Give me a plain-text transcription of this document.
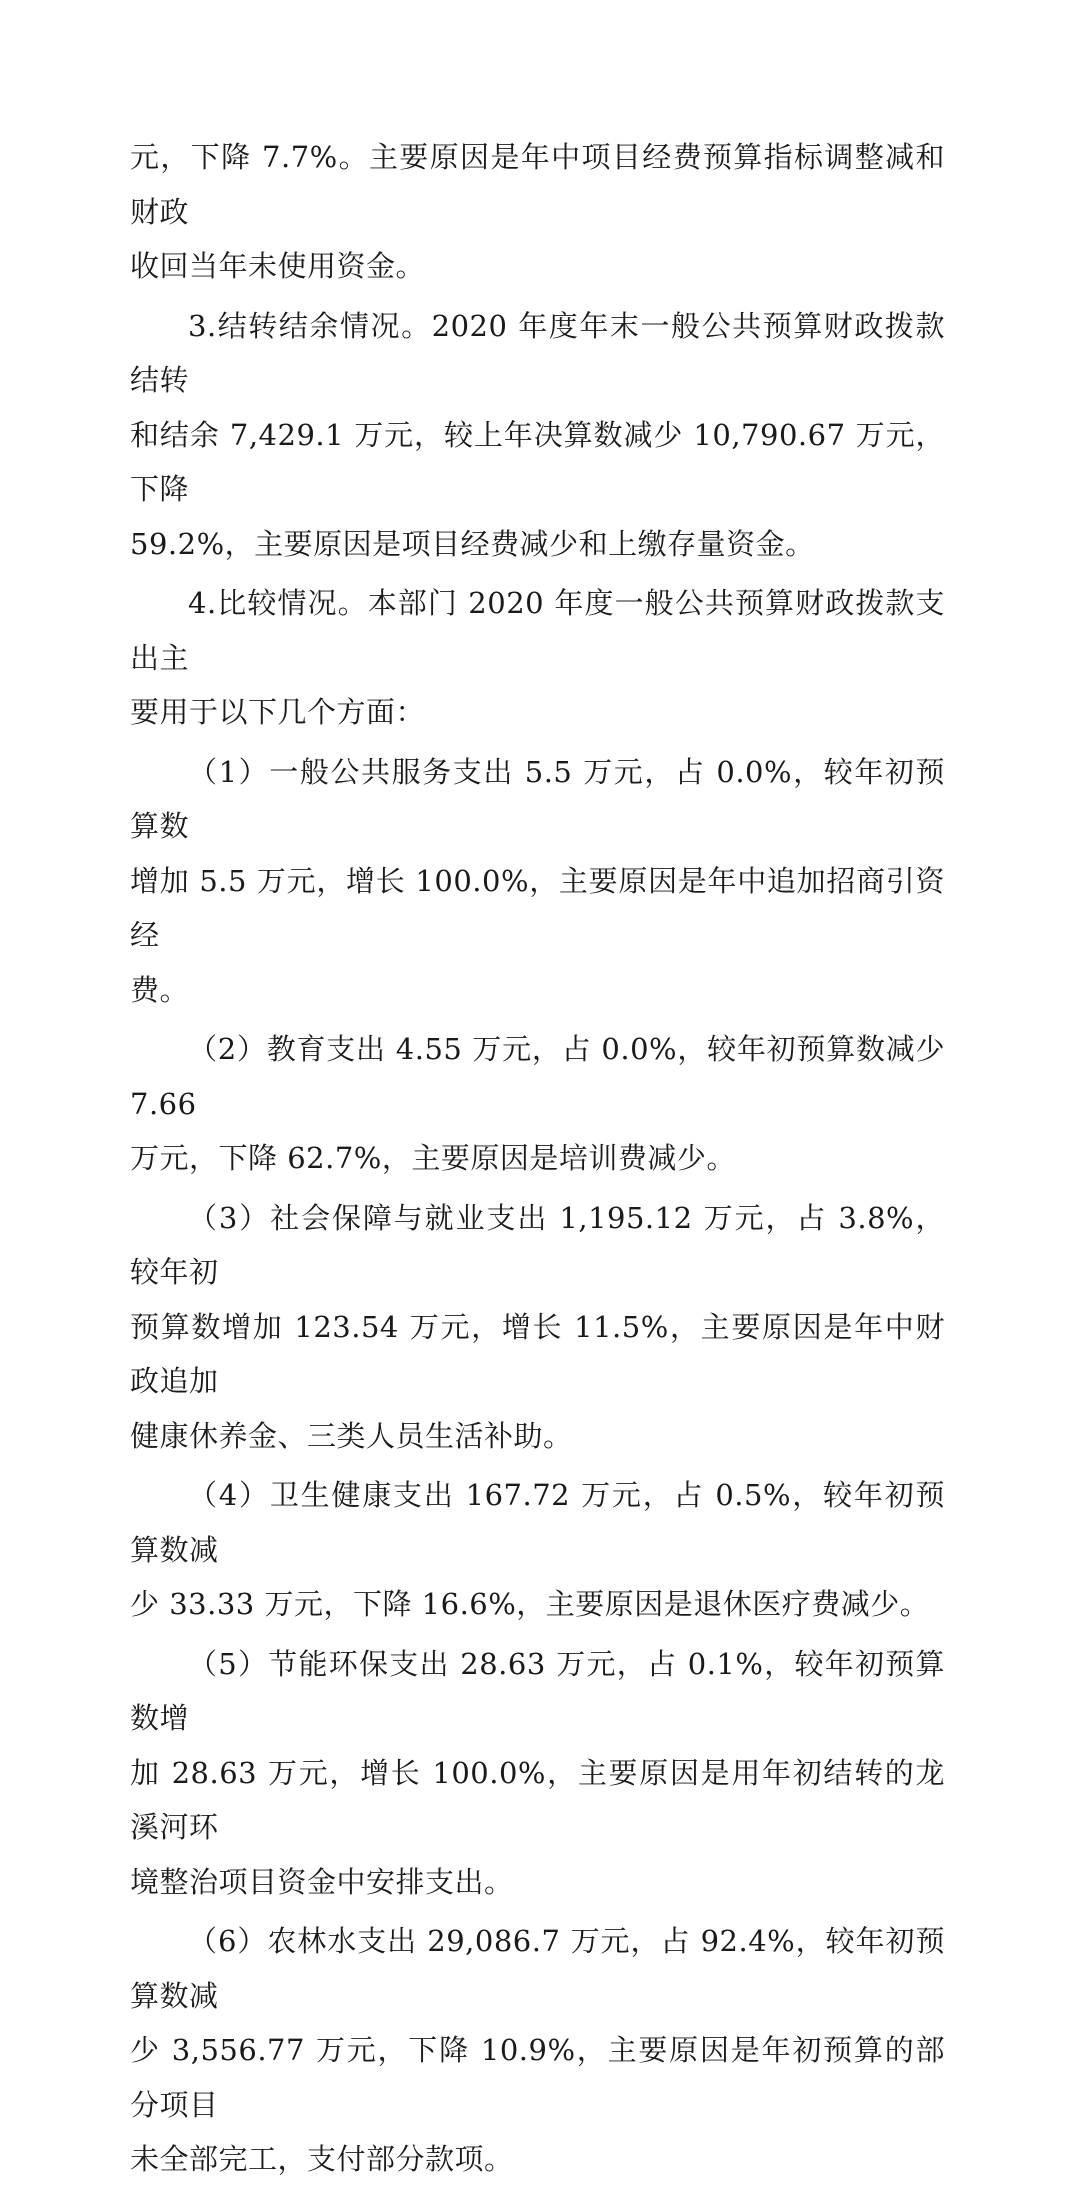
元，下降 7.7%。主要原因是年中项目经费预算指标调整减和财政
收回当年未使用资金。
3.结转结余情况。2020 年度年末一般公共预算财政拨款结转
和结余 7,429.1 万元，较上年决算数减少 10,790.67 万元，下降
59.2%，主要原因是项目经费减少和上缴存量资金。
4.比较情况。本部门 2020 年度一般公共预算财政拨款支出主
要用于以下几个方面：
（1）一般公共服务支出 5.5 万元，占 0.0%，较年初预算数
增加 5.5 万元，增长 100.0%，主要原因是年中追加招商引资经
费。
（2）教育支出 4.55 万元，占 0.0%，较年初预算数减少 7.66
万元，下降 62.7%，主要原因是培训费减少。
（3）社会保障与就业支出 1,195.12 万元，占 3.8%，较年初
预算数增加 123.54 万元，增长 11.5%，主要原因是年中财政追加
健康休养金、三类人员生活补助。
（4）卫生健康支出 167.72 万元，占 0.5%，较年初预算数减
少 33.33 万元，下降 16.6%，主要原因是退休医疗费减少。
（5）节能环保支出 28.63 万元，占 0.1%，较年初预算数增
加 28.63 万元，增长 100.0%，主要原因是用年初结转的龙溪河环
境整治项目资金中安排支出。
（6）农林水支出 29,086.7 万元，占 92.4%，较年初预算数减
少 3,556.77 万元，下降 10.9%，主要原因是年初预算的部分项目
未全部完工，支付部分款项。
